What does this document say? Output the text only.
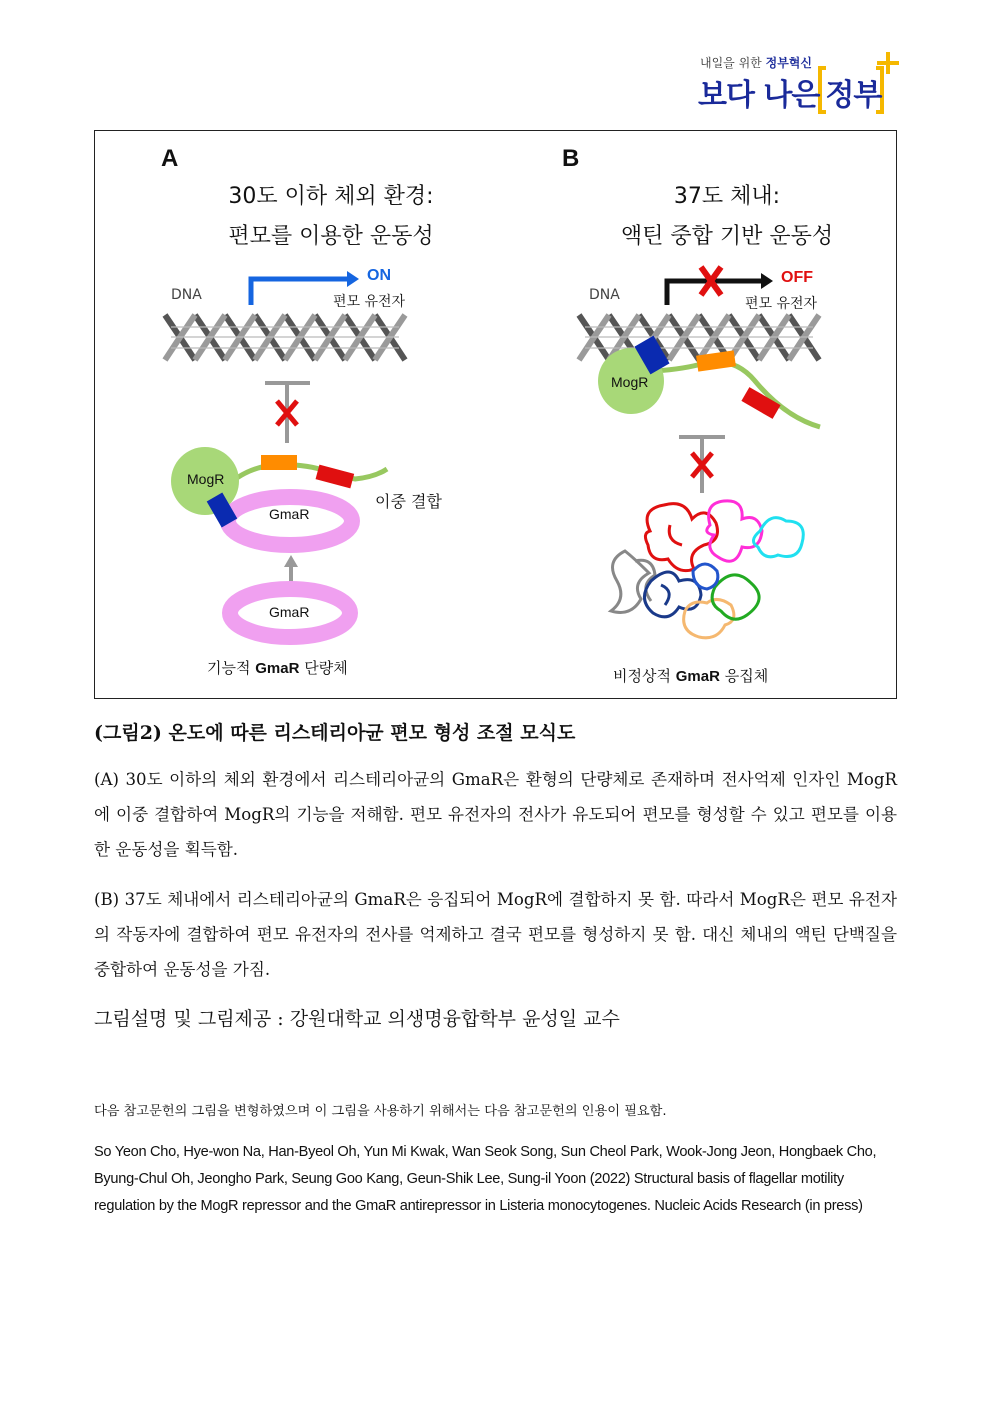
내일을 위한 정부혁신
보다 나은 정부
A
30도 이하 체외 환경:
편모를 이용한 운동성
DNA
ON
편모 유전자
MogR
GmaR
이중 결합
GmaR
기능적 GmaR 단량체
B
37도 체내:
액틴 중합 기반 운동성
DNA
OFF
편모 유전자
MogR
비정상적 GmaR 응집체
(그림2) 온도에 따른 리스테리아균 편모 형성 조절 모식도
(A) 30도 이하의 체외 환경에서 리스테리아균의 GmaR은 환형의 단량체로 존재하며 전사억제 인자인 MogR에 이중 결합하여 MogR의 기능을 저해함. 편모 유전자의 전사가 유도되어 편모를 형성할 수 있고 편모를 이용한 운동성을 획득함.
(B) 37도 체내에서 리스테리아균의 GmaR은 응집되어 MogR에 결합하지 못 함. 따라서 MogR은 편모 유전자의 작동자에 결합하여 편모 유전자의 전사를 억제하고 결국 편모를 형성하지 못 함. 대신 체내의 액틴 단백질을 중합하여 운동성을 가짐.
그림설명 및 그림제공 : 강원대학교 의생명융합학부 윤성일 교수
다음 참고문헌의 그림을 변형하였으며 이 그림을 사용하기 위해서는 다음 참고문헌의 인용이 필요함.
So Yeon Cho, Hye-won Na, Han-Byeol Oh, Yun Mi Kwak, Wan Seok Song, Sun Cheol Park, Wook-Jong Jeon, Hongbaek Cho, Byung-Chul Oh, Jeongho Park, Seung Goo Kang, Geun-Shik Lee, Sung-il Yoon (2022) Structural basis of flagellar motility regulation by the MogR repressor and the GmaR antirepressor in Listeria monocytogenes. Nucleic Acids Research (in press)
